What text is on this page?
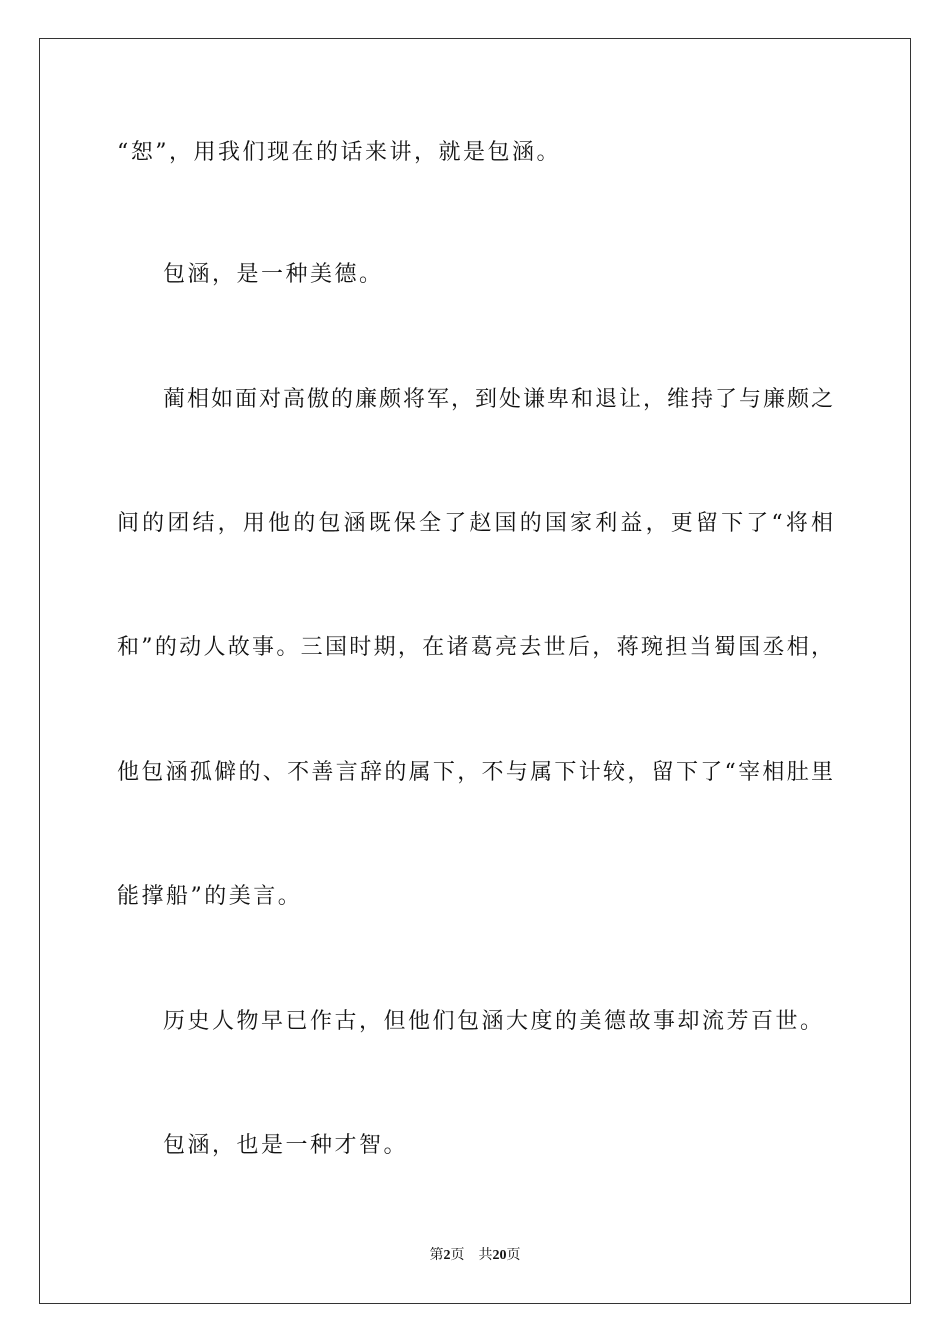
“恕”，用我们现在的话来讲，就是包涵。
包涵，是一种美德。
蔺相如面对高傲的廉颇将军，到处谦卑和退让，维持了与廉颇之
间的团结，用他的包涵既保全了赵国的国家利益，更留下了“将相
和”的动人故事。三国时期，在诸葛亮去世后，蒋琬担当蜀国丞相，
他包涵孤僻的、不善言辞的属下，不与属下计较，留下了“宰相肚里
能撑船”的美言。
历史人物早已作古，但他们包涵大度的美德故事却流芳百世。
包涵，也是一种才智。
第2页 共20页
